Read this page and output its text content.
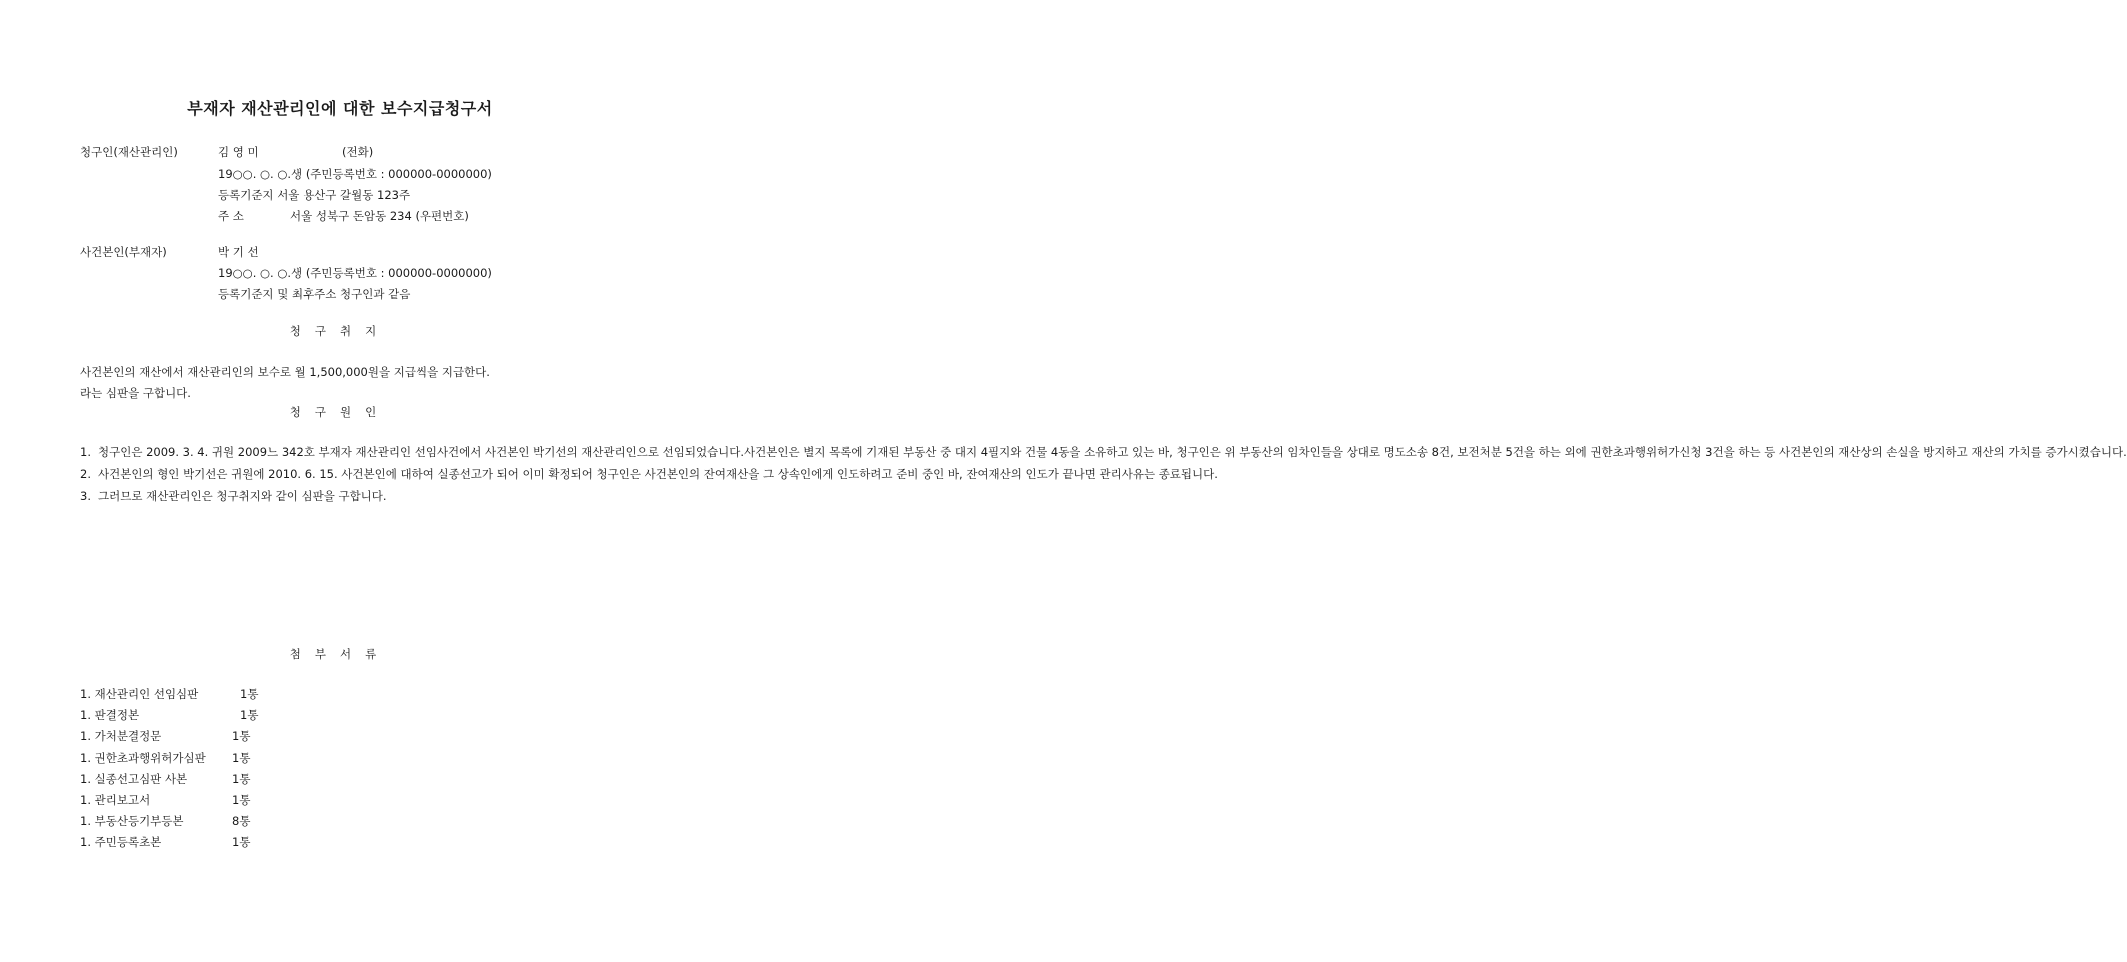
부재자 재산관리인에 대한 보수지급청구서
청구인(재산관리인)	김 영 미	(전화)
19○○. ○. ○.생 (주민등록번호 : 000000-0000000)
등록기준지 서울 용산구 갈월동 123주
주 소	서울 성북구 돈암동 234 (우편번호)
사건본인(부재자)	박 기 선
19○○. ○. ○.생 (주민등록번호 : 000000-0000000)
등록기준지 및 최후주소 청구인과 같음
청구취지
사건본인의 재산에서 재산관리인의 보수로 월 1,500,000원을 지급씩을 지급한다.
라는 심판을 구합니다.
청구원인
1. 청구인은 2009. 3. 4. 귀원 2009느 342호 부재자 재산관리인 선임사건에서 사건본인 박기선의 재산관리인으로 선임되었습니다.사건본인은 별지 목록에 기재된 부동산 중 대지 4필지와 건물 4동을 소유하고 있는 바, 청구인은 위 부동산의 임차인들을 상대로 명도소송 8건, 보전처분 5건을 하는 외에 권한초과행위허가신청 3건을 하는 등 사건본인의 재산상의 손실을 방지하고 재산의 가치를 증가시켰습니다.
2. 사건본인의 형인 박기선은 귀원에 2010. 6. 15. 사건본인에 대하여 실종선고가 되어 이미 확정되어 청구인은 사건본인의 잔여재산을 그 상속인에게 인도하려고 준비 중인 바, 잔여재산의 인도가 끝나면 관리사유는 종료됩니다.
3. 그러므로 재산관리인은 청구취지와 같이 심판을 구합니다.
첨부서류
1. 재산관리인 선임심판	1통
1. 판결정본	1통
1. 가처분결정문	1통
1. 권한초과행위허가심판 1통
1. 실종선고심판 사본	1통
1. 관리보고서	1통
1. 부동산등기부등본	8통
1. 주민등록초본	1통
